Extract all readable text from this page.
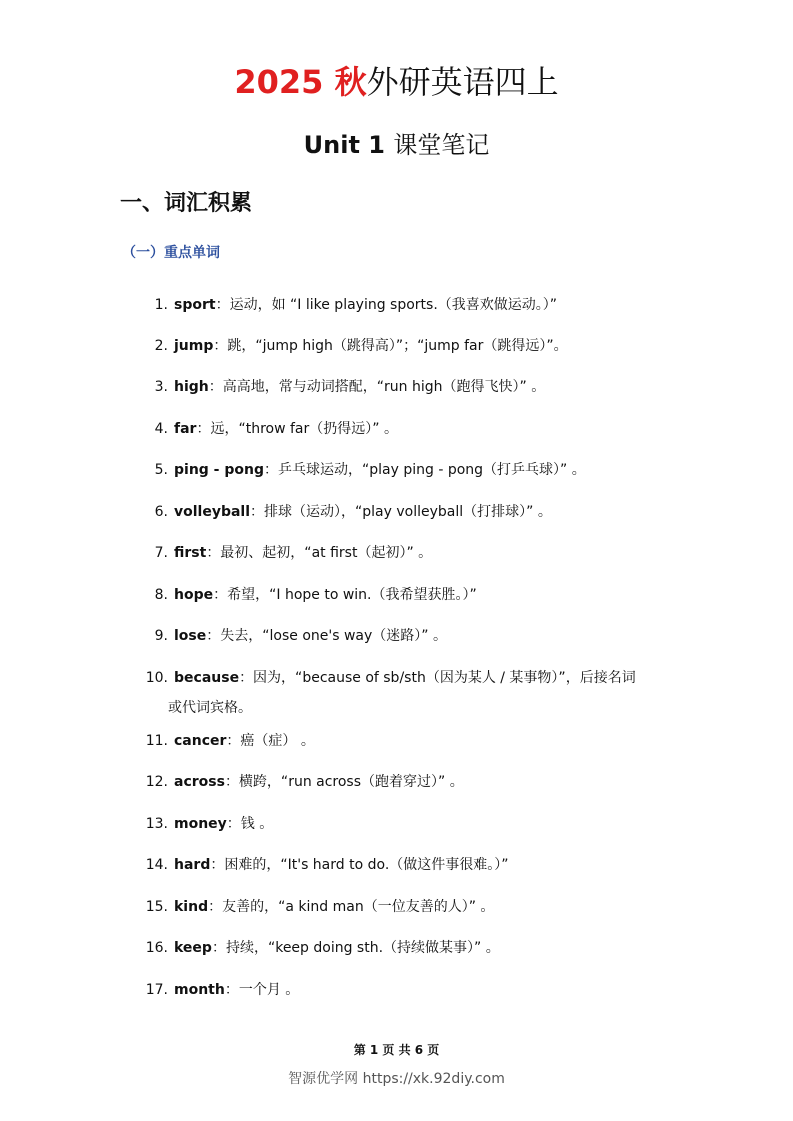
2025 秋外研英语四上
Unit 1 课堂笔记
一、词汇积累
（一）重点单词
1. sport：运动，如 “I like playing sports.（我喜欢做运动。）”
2. jump：跳，“jump high（跳得高）”；“jump far（跳得远）”。
3. high：高高地，常与动词搭配，“run high（跑得飞快）” 。
4. far：远，“throw far（扔得远）” 。
5. ping - pong：乒乓球运动，“play ping - pong（打乒乓球）” 。
6. volleyball：排球（运动），“play volleyball（打排球）” 。
7. first：最初、起初，“at first（起初）” 。
8. hope：希望，“I hope to win.（我希望获胜。）”
9. lose：失去，“lose one's way（迷路）” 。
10. because：因为，“because of sb/sth（因为某人 / 某事物）”，后接名词
或代词宾格。
11. cancer：癌（症） 。
12. across：横跨，“run across（跑着穿过）” 。
13. money：钱 。
14. hard：困难的，“It's hard to do.（做这件事很难。）”
15. kind：友善的，“a kind man（一位友善的人）” 。
16. keep：持续，“keep doing sth.（持续做某事）” 。
17. month：一个月 。
第 1 页 共 6 页
智源优学网 https://xk.92diy.com
